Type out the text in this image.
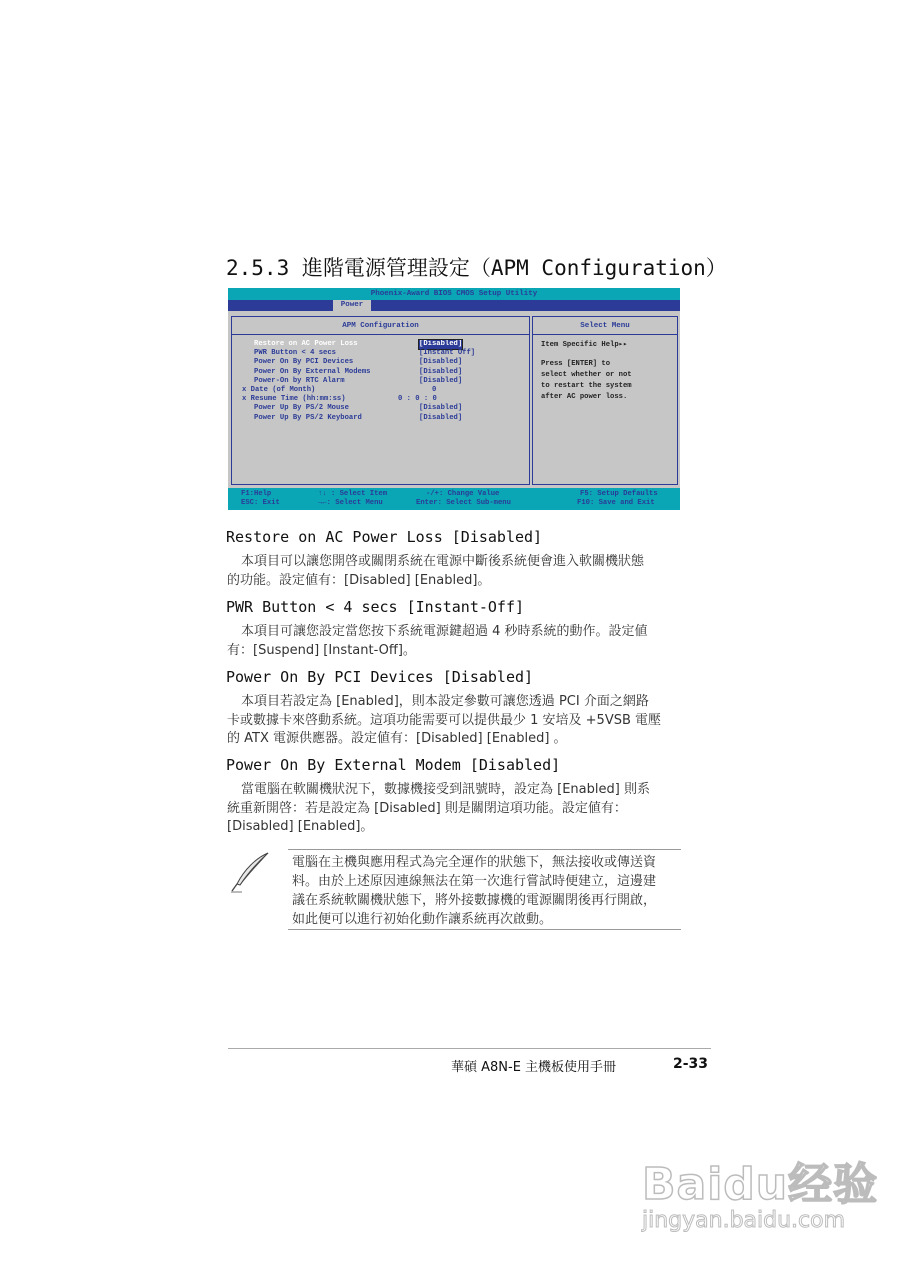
2.5.3 進階電源管理設定（APM Configuration）
Phoenix-Award BIOS CMOS Setup Utility
Power
APM Configuration
Restore on AC Power Loss	[Disabled]
PWR Button < 4 secs	[Instant Off]
Power On By PCI Devices	[Disabled]
Power On By External Modems	[Disabled]
Power-On by RTC Alarm	[Disabled]
x Date (of Month)	0
x Resume Time (hh:mm:ss)	0 : 0 : 0
Power Up By PS/2 Mouse	[Disabled]
Power Up By PS/2 Keyboard	[Disabled]
Select Menu
Item Specific Help▸▸
Press [ENTER] to
select whether or not
to restart the system
after AC power loss.
F1:Help
ESC: Exit
↑↓ : Select Item
→←: Select Menu
-/+: Change Value
Enter: Select Sub-menu
F5: Setup Defaults
F10: Save and Exit
Restore on AC Power Loss [Disabled]
本項目可以讓您開啓或關閉系統在電源中斷後系統便會進入軟關機狀態
的功能。設定値有：[Disabled] [Enabled]。
PWR Button < 4 secs [Instant-Off]
本項目可讓您設定當您按下系統電源鍵超過 4 秒時系統的動作。設定値
有：[Suspend] [Instant-Off]。
Power On By PCI Devices [Disabled]
本項目若設定為 [Enabled]，則本設定參數可讓您透過 PCI 介面之網路
卡或數據卡來啓動系統。這項功能需要可以提供最少 1 安培及 +5VSB 電壓
的 ATX 電源供應器。設定値有：[Disabled] [Enabled] 。
Power On By External Modem [Disabled]
當電腦在軟關機狀況下，數據機接受到訊號時，設定為 [Enabled] 則系
統重新開啓：若是設定為 [Disabled] 則是關閉這項功能。設定値有：
[Disabled] [Enabled]。
電腦在主機與應用程式為完全運作的狀態下，無法接收或傳送資
料。由於上述原因連線無法在第一次進行嘗試時便建立，這邊建
議在系統軟關機狀態下，將外接數據機的電源關閉後再行開啟，
如此便可以進行初始化動作讓系統再次啟動。
華碩 A8N-E 主機板使用手冊	2-33
Baidu经验
jingyan.baidu.com
